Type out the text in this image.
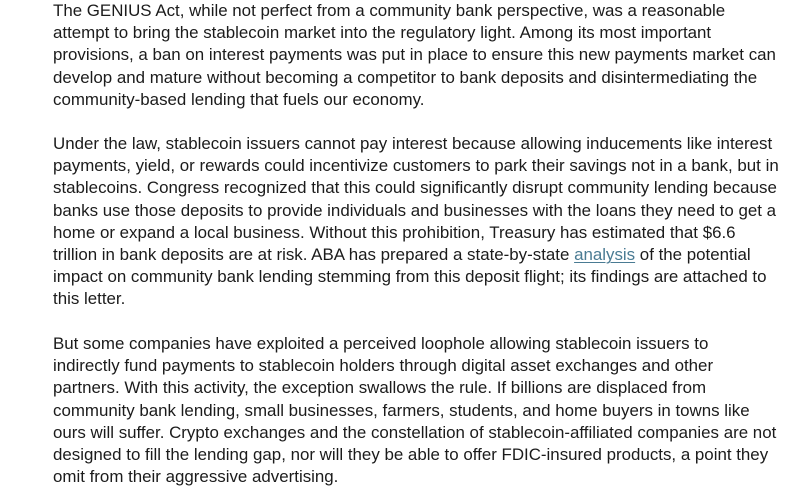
The GENIUS Act, while not perfect from a community bank perspective, was a reasonable attempt to bring the stablecoin market into the regulatory light. Among its most important provisions, a ban on interest payments was put in place to ensure this new payments market can develop and mature without becoming a competitor to bank deposits and disintermediating the community-based lending that fuels our economy.

Under the law, stablecoin issuers cannot pay interest because allowing inducements like interest payments, yield, or rewards could incentivize customers to park their savings not in a bank, but in stablecoins. Congress recognized that this could significantly disrupt community lending because banks use those deposits to provide individuals and businesses with the loans they need to get a home or expand a local business. Without this prohibition, Treasury has estimated that $6.6 trillion in bank deposits are at risk. ABA has prepared a state-by-state analysis of the potential impact on community bank lending stemming from this deposit flight; its findings are attached to this letter.

But some companies have exploited a perceived loophole allowing stablecoin issuers to indirectly fund payments to stablecoin holders through digital asset exchanges and other partners. With this activity, the exception swallows the rule. If billions are displaced from community bank lending, small businesses, farmers, students, and home buyers in towns like ours will suffer. Crypto exchanges and the constellation of stablecoin-affiliated companies are not designed to fill the lending gap, nor will they be able to offer FDIC-insured products, a point they omit from their aggressive advertising.
